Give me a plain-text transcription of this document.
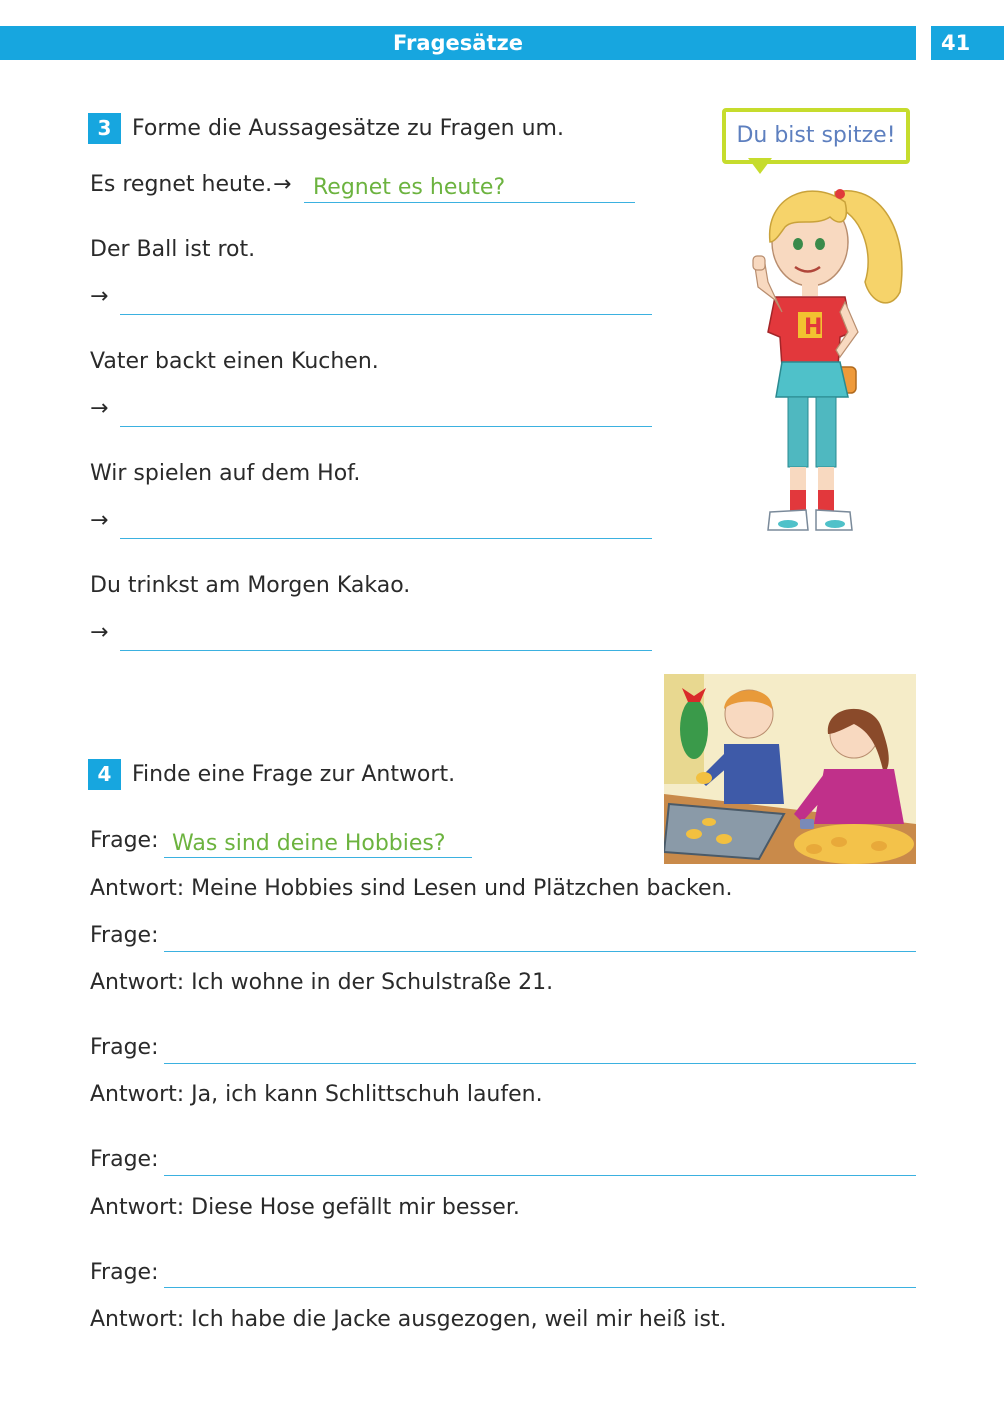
Fragesätze	41
Du bist spitze!
H
3 Forme die Aussagesätze zu Fragen um.
Es regnet heute. → Regnet es heute?
Der Ball ist rot.
→
Vater backt einen Kuchen.
→
Wir spielen auf dem Hof.
→
Du trinkst am Morgen Kakao.
→
4 Finde eine Frage zur Antwort.
Frage: Was sind deine Hobbies?
Antwort: Meine Hobbies sind Lesen und Plätzchen backen.
Frage:
Antwort: Ich wohne in der Schulstraße 21.
Frage:
Antwort: Ja, ich kann Schlittschuh laufen.
Frage:
Antwort: Diese Hose gefällt mir besser.
Frage:
Antwort: Ich habe die Jacke ausgezogen, weil mir heiß ist.
